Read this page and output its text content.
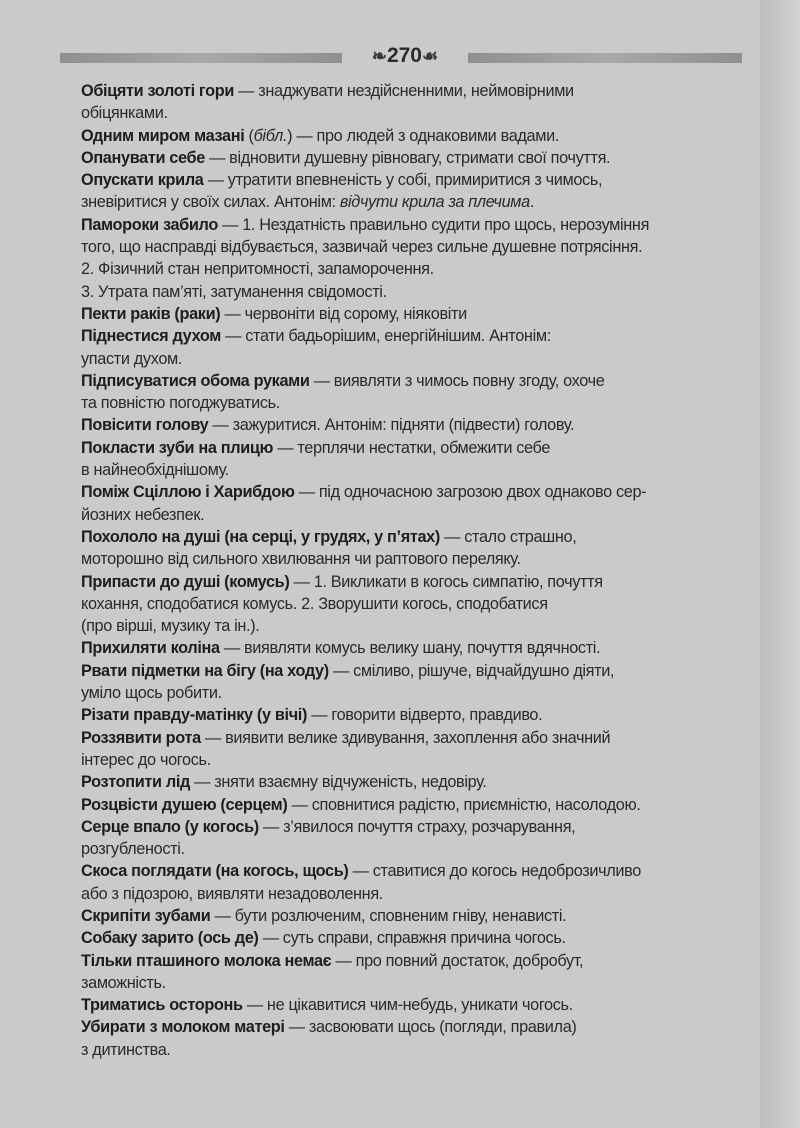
❧270☙
Обіцяти золоті гори — знаджувати нездійсненними, неймовірними
обіцянками.
Одним миром мазані (бібл.) — про людей з однаковими вадами.
Опанувати себе — відновити душевну рівновагу, стримати свої почуття.
Опускати крила — утратити впевненість у собі, примиритися з чимось,
зневіритися у своїх силах. Антонім: відчути крила за плечима.
Паморoки забило — 1. Нездатність правильно судити про щось, нерозуміння
того, що насправді відбувається, зазвичай через сильне душевне потрясіння.
2. Фізичний стан непритомності, запаморочення.
3. Утрата пам’яті, затуманення свідомості.
Пекти раків (раки) — червоніти від сорому, ніяковіти
Піднестися духом — стати бадьорішим, енергійнішим. Антонім:
упасти духом.
Підписуватися обома руками — виявляти з чимось повну згоду, охоче
та повністю погоджуватись.
Повісити голову — зажуритися. Антонім: підняти (підвести) голову.
Покласти зуби на плицю — терплячи нестатки, обмежити себе
в найнеобхіднішому.
Поміж Сціллою і Харибдою — під одночасною загрозою двох однаково сер-
йозних небезпек.
Похололо на душі (на серці, у грудях, у п’ятах) — стало страшно,
моторошно від сильного хвилювання чи раптового переляку.
Припасти до душі (комусь) — 1. Викликати в когось симпатію, почуття
кохання, сподобатися комусь. 2. Зворушити когось, сподобатися
(про вірші, музику та ін.).
Прихиляти коліна — виявляти комусь велику шану, почуття вдячності.
Рвати підметки на бігу (на ходу) — сміливо, рішуче, відчайдушно діяти,
уміло щось робити.
Різати правду-матінку (у вічі) — говорити відверто, правдиво.
Роззявити рота — виявити велике здивування, захоплення або значний
інтерес до чогось.
Розтопити лід — зняти взаємну відчуженість, недовіру.
Розцвісти душею (серцем) — сповнитися радістю, приємністю, насолодою.
Серце впало (у когось) — з’явилося почуття страху, розчарування,
розгубленості.
Скоса поглядати (на когось, щось) — ставитися до когось недоброзичливо
або з підозрою, виявляти незадоволення.
Скрипіти зубами — бути розлюченим, сповненим гніву, ненависті.
Собаку зарито (ось де) — суть справи, справжня причина чогось.
Тільки пташиного молока немає — про повний достаток, добробут,
заможність.
Триматись осторонь — не цікавитися чим-небудь, уникати чогось.
Убирати з молоком матері — засвоювати щось (погляди, правила)
з дитинства.
